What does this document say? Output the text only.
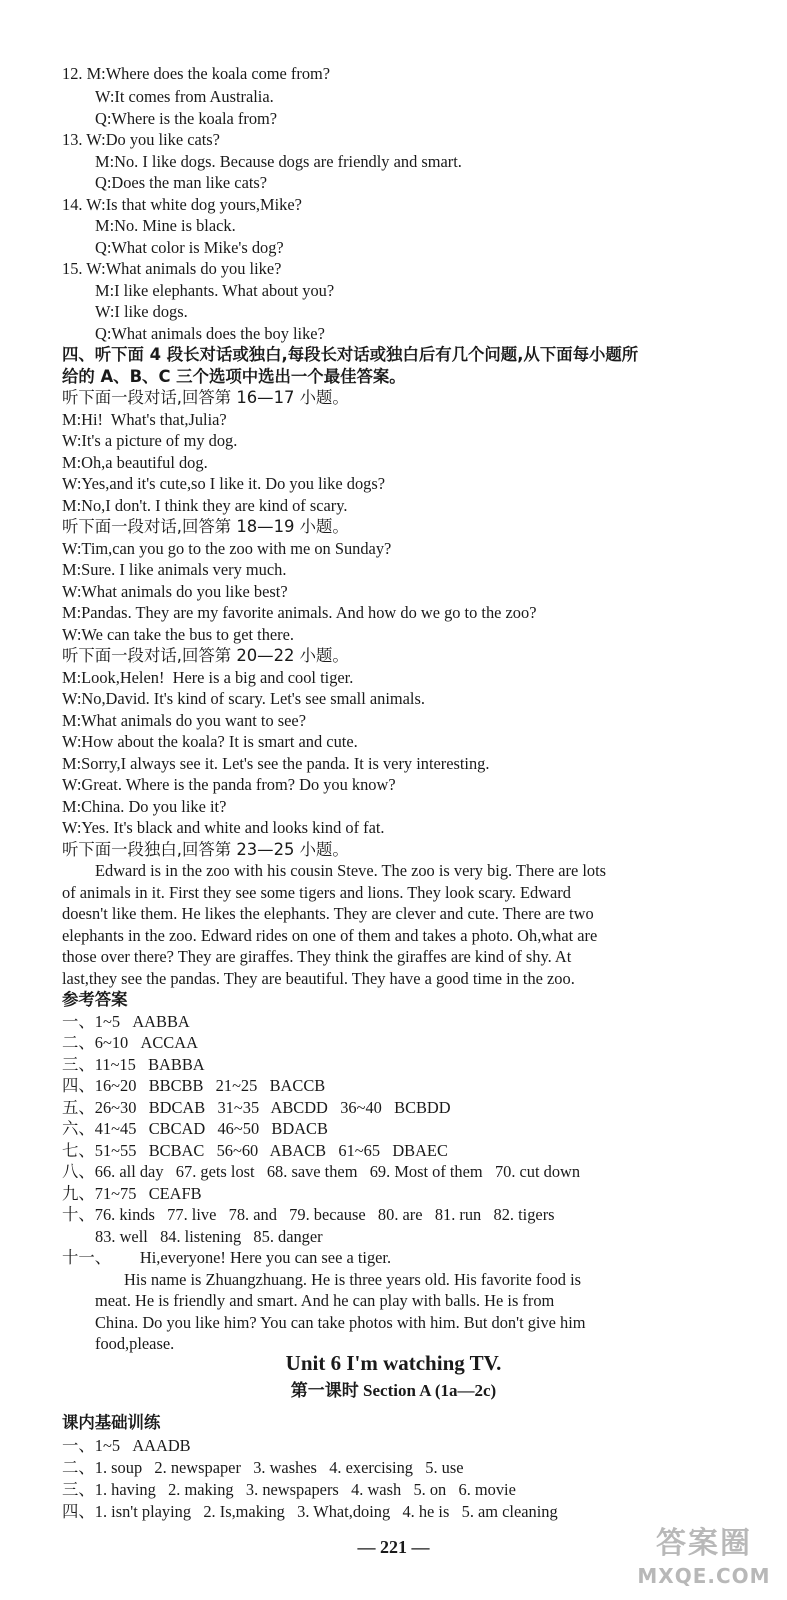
12. M:Where does the koala come from?
W:It comes from Australia.
Q:Where is the koala from?
13. W:Do you like cats?
M:No. I like dogs. Because dogs are friendly and smart.
Q:Does the man like cats?
14. W:Is that white dog yours,Mike?
M:No. Mine is black.
Q:What color is Mike's dog?
15. W:What animals do you like?
M:I like elephants. What about you?
W:I like dogs.
Q:What animals does the boy like?
四、听下面 4 段长对话或独白,每段长对话或独白后有几个问题,从下面每小题所
给的 A、B、C 三个选项中选出一个最佳答案。
听下面一段对话,回答第 16—17 小题。
M:Hi!  What's that,Julia?
W:It's a picture of my dog.
M:Oh,a beautiful dog.
W:Yes,and it's cute,so I like it. Do you like dogs?
M:No,I don't. I think they are kind of scary.
听下面一段对话,回答第 18—19 小题。
W:Tim,can you go to the zoo with me on Sunday?
M:Sure. I like animals very much.
W:What animals do you like best?
M:Pandas. They are my favorite animals. And how do we go to the zoo?
W:We can take the bus to get there.
听下面一段对话,回答第 20—22 小题。
M:Look,Helen!  Here is a big and cool tiger.
W:No,David. It's kind of scary. Let's see small animals.
M:What animals do you want to see?
W:How about the koala? It is smart and cute.
M:Sorry,I always see it. Let's see the panda. It is very interesting.
W:Great. Where is the panda from? Do you know?
M:China. Do you like it?
W:Yes. It's black and white and looks kind of fat.
听下面一段独白,回答第 23—25 小题。
Edward is in the zoo with his cousin Steve. The zoo is very big. There are lots
of animals in it. First they see some tigers and lions. They look scary. Edward
doesn't like them. He likes the elephants. They are clever and cute. There are two
elephants in the zoo. Edward rides on one of them and takes a photo. Oh,what are
those over there? They are giraffes. They think the giraffes are kind of shy. At
last,they see the pandas. They are beautiful. They have a good time in the zoo.
参考答案
一、1~5   AABBA
二、6~10   ACCAA
三、11~15   BABBA
四、16~20   BBCBB   21~25   BACCB
五、26~30   BDCAB   31~35   ABCDD   36~40   BCBDD
六、41~45   CBCAD   46~50   BDACB
七、51~55   BCBAC   56~60   ABACB   61~65   DBAEC
八、66. all day   67. gets lost   68. save them   69. Most of them   70. cut down
九、71~75   CEAFB
十、76. kinds   77. live   78. and   79. because   80. are   81. run   82. tigers
83. well   84. listening   85. danger
十一、       Hi,everyone! Here you can see a tiger.
His name is Zhuangzhuang. He is three years old. His favorite food is
meat. He is friendly and smart. And he can play with balls. He is from
China. Do you like him? You can take photos with him. But don't give him
food,please.
Unit 6 I'm watching TV.
第一课时 Section A (1a—2c)
课内基础训练
一、1~5   AAADB
二、1. soup   2. newspaper   3. washes   4. exercising   5. use
三、1. having   2. making   3. newspapers   4. wash   5. on   6. movie
四、1. isn't playing   2. Is,making   3. What,doing   4. he is   5. am cleaning
— 221 —	答案圈
MXQE.COM
